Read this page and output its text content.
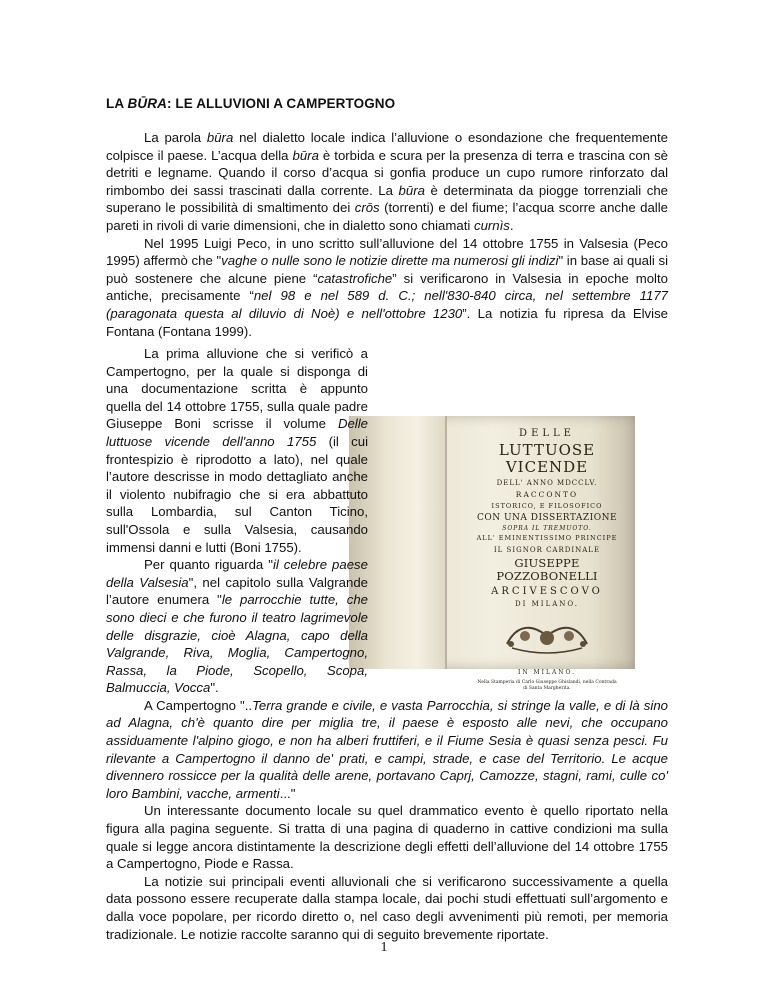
LA BŪRA: LE ALLUVIONI A CAMPERTOGNO

La parola būra nel dialetto locale indica l’alluvione o esondazione che frequentemente colpisce il paese. L’acqua della būra è torbida e scura per la presenza di terra e trascina con sè detriti e legname. Quando il corso d’acqua si gonfia produce un cupo rumore rinforzato dal rimbombo dei sassi trascinati dalla corrente. La būra è determinata da piogge torrenziali che superano le possibilità di smaltimento dei crōs (torrenti) e del fiume; l’acqua scorre anche dalle pareti in rivoli di varie dimensioni, che in dialetto sono chiamati curnìs.

Nel 1995 Luigi Peco, in uno scritto sull’alluvione del 14 ottobre 1755 in Valsesia (Peco 1995) affermò che "vaghe o nulle sono le notizie dirette ma numerosi gli indizi" in base ai quali si può sostenere che alcune piene “catastrofiche” si verificarono in Valsesia in epoche molto antiche, precisamente “nel 98 e nel 589 d. C.; nell'830-840 circa, nel settembre 1177 (paragonata questa al diluvio di Noè) e nell'ottobre 1230”. La notizia fu ripresa da Elvise Fontana (Fontana 1999).

DELLE
LUTTUOSE VICENDE
DELL' ANNO MDCCLV.
RACCONTO
ISTORICO, E FILOSOFICO
CON UNA DISSERTAZIONE
SOPRA IL TREMUOTO.
ALL' EMINENTISSIMO PRINCIPE
IL SIGNOR CARDINALE
GIUSEPPE POZZOBONELLI
ARCIVESCOVO
DI MILANO.
IN MILANO.
Nella Stamperia di Carlo Giuseppe Ghislandi, nella Contrada
di Santa Margherita.

La prima alluvione che si verificò a Campertogno, per la quale si disponga di una documentazione scritta è appunto quella del 14 ottobre 1755, sulla quale padre Giuseppe Boni scrisse il volume Delle luttuose vicende dell'anno 1755 (il cui frontespizio è riprodotto a lato), nel quale l’autore descrisse in modo dettagliato anche il violento nubifragio che si era abbattuto sulla Lombardia, sul Canton Ticino, sull'Ossola e sulla Valsesia, causando immensi danni e lutti (Boni 1755).

Per quanto riguarda "il celebre paese della Valsesia", nel capitolo sulla Valgrande l’autore enumera "le parrocchie tutte, che sono dieci e che furono il teatro lagrimevole delle disgrazie, cioè Alagna, capo della Valgrande, Riva, Moglia, Campertogno, Rassa, la Piode, Scopello, Scopa, Balmuccia, Vocca".

A Campertogno "..Terra grande e civile, e vasta Parrocchia, si stringe la valle, e di là sino ad Alagna, ch'è quanto dire per miglia tre, il paese è esposto alle nevi, che occupano assiduamente l'alpino giogo, e non ha alberi fruttiferi, e il Fiume Sesia è quasi senza pesci. Fu rilevante a Campertogno il danno de' prati, e campi, strade, e case del Territorio. Le acque divennero rossicce per la qualità delle arene, portavano Caprj, Camozze, stagni, rami, culle co' loro Bambini, vacche, armenti..."

Un interessante documento locale su quel drammatico evento è quello riportato nella figura alla pagina seguente. Si tratta di una pagina di quaderno in cattive condizioni ma sulla quale si legge ancora distintamente la descrizione degli effetti dell’alluvione del 14 ottobre 1755 a Campertogno, Piode e Rassa.

La notizie sui principali eventi alluvionali che si verificarono successivamente a quella data possono essere recuperate dalla stampa locale, dai pochi studi effettuati sull’argomento e dalla voce popolare, per ricordo diretto o, nel caso degli avvenimenti più remoti, per memoria tradizionale. Le notizie raccolte saranno qui di seguito brevemente riportate.

1
